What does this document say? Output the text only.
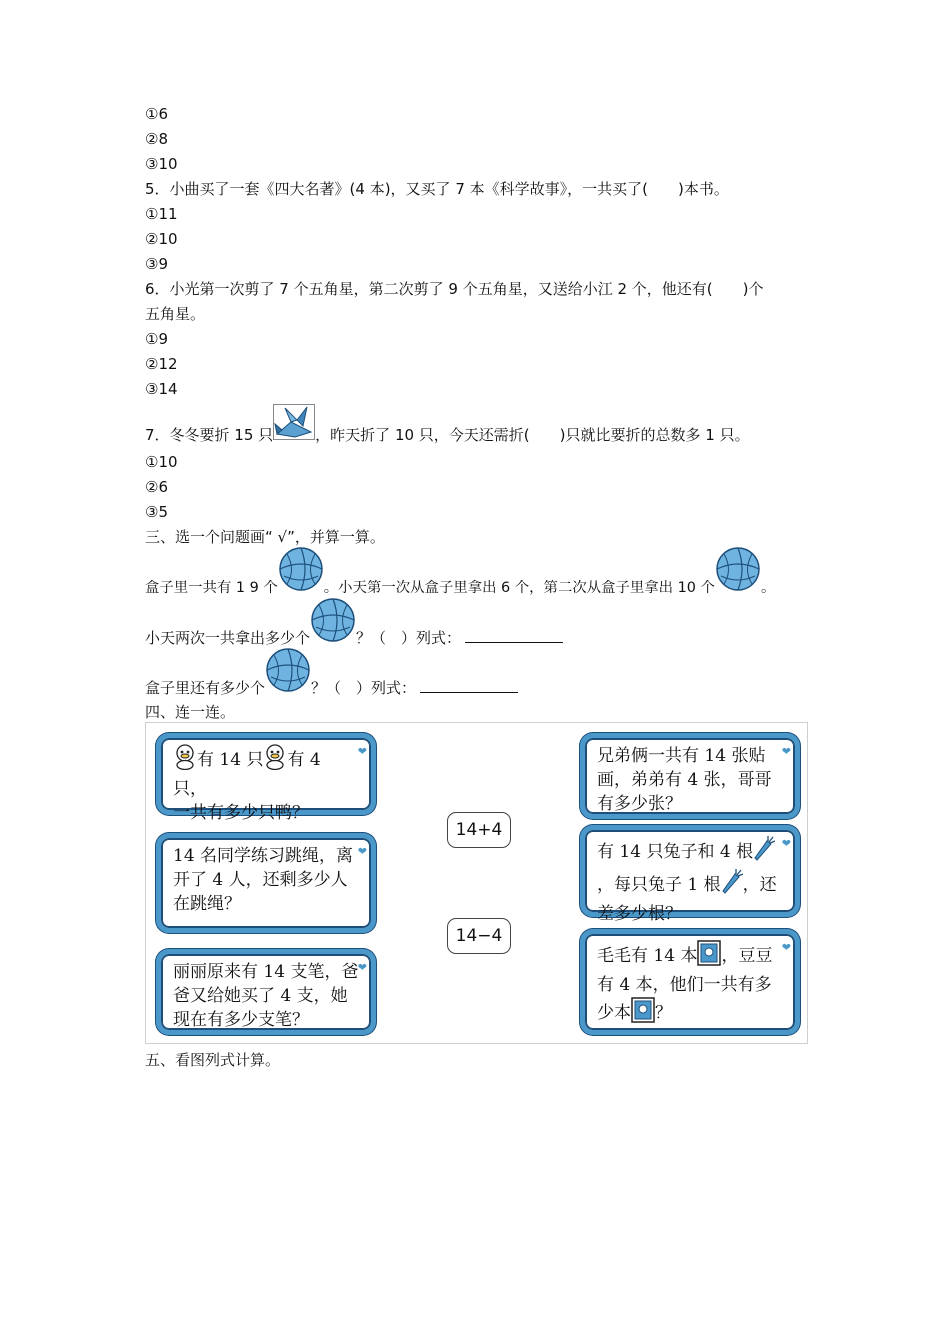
①6
②8
③10
5．小曲买了一套《四大名著》(4 本)，又买了 7 本《科学故事》，一共买了(　　)本书。
①11
②10
③9
6．小光第一次剪了 7 个五角星，第二次剪了 9 个五角星，又送给小江 2 个，他还有(　　)个
五角星。
①9
②12
③14
7．冬冬要折 15 只	，昨天折了 10 只，今天还需折(　　)只就比要折的总数多 1 只。
①10
②6
③5
三、选一个问题画“ √”，并算一算。
盒子里一共有 1 9 个	。小天第一次从盒子里拿出 6 个，第二次从盒子里拿出 10 个	。
小天两次一共拿出多少个	？（　）列式：
盒子里还有多少个	？（　）列式：
四、连一连。
❤
有 14 只 有 4 只，
一共有多少只鸭？
❤
14 名同学练习跳绳，离开了 4 人，还剩多少人在跳绳？
❤
丽丽原来有 14 支笔，爸爸又给她买了 4 支，她现在有多少支笔？
14+4
14−4
❤
兄弟俩一共有 14 张贴画，弟弟有 4 张，哥哥有多少张？
❤
有 14 只兔子和 4 根，每只兔子 1 根 ，还差多少根？
❤
毛毛有 14 本 ，豆豆有 4 本，他们一共有多少本 ？
五、看图列式计算。
